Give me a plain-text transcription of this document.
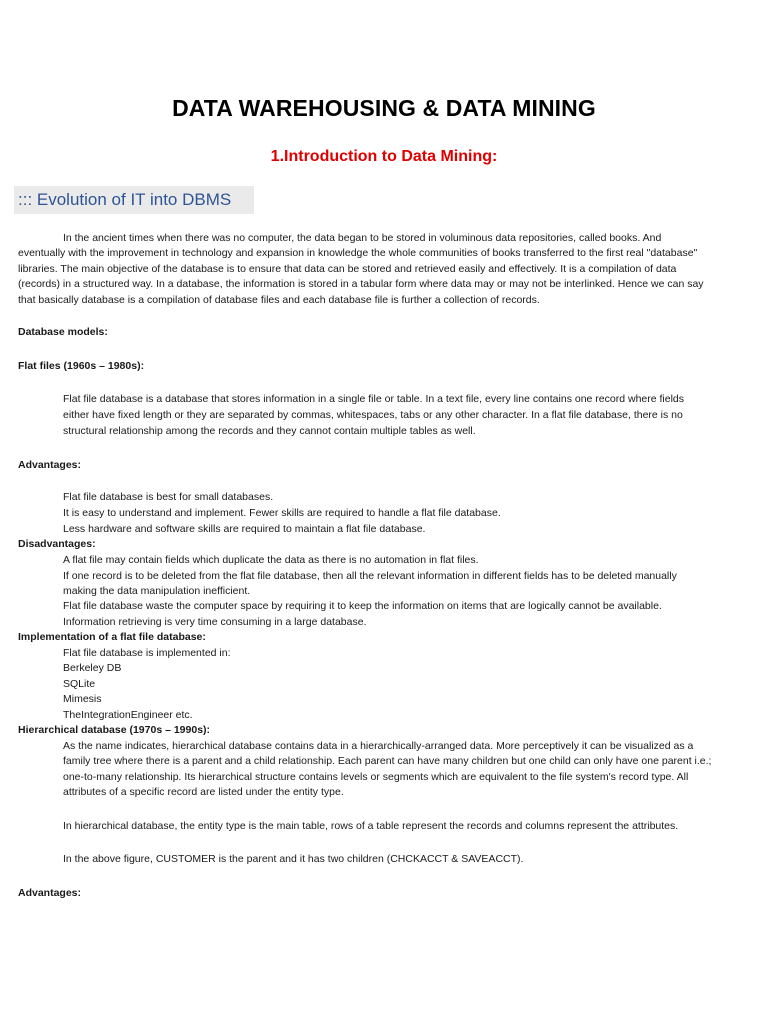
DATA WAREHOUSING & DATA MINING
1.Introduction to Data Mining:
::: Evolution of IT into DBMS
In the ancient times when there was no computer, the data began to be stored in voluminous data repositories, called books. And
eventually with the improvement in technology and expansion in knowledge the whole communities of books transferred to the first real "database"
libraries. The main objective of the database is to ensure that data can be stored and retrieved easily and effectively. It is a compilation of data
(records) in a structured way. In a database, the information is stored in a tabular form where data may or may not be interlinked. Hence we can say
that basically database is a compilation of database files and each database file is further a collection of records.
Database models:
Flat files (1960s – 1980s):
Flat file database is a database that stores information in a single file or table. In a text file, every line contains one record where fields
either have fixed length or they are separated by commas, whitespaces, tabs or any other character. In a flat file database, there is no
structural relationship among the records and they cannot contain multiple tables as well.
Advantages:
Flat file database is best for small databases.
It is easy to understand and implement. Fewer skills are required to handle a flat file database.
Less hardware and software skills are required to maintain a flat file database.
Disadvantages:
A flat file may contain fields which duplicate the data as there is no automation in flat files.
If one record is to be deleted from the flat file database, then all the relevant information in different fields has to be deleted manually
making the data manipulation inefficient.
Flat file database waste the computer space by requiring it to keep the information on items that are logically cannot be available.
Information retrieving is very time consuming in a large database.
Implementation of a flat file database:
Flat file database is implemented in:
Berkeley DB
SQLite
Mimesis
TheIntegrationEngineer etc.
Hierarchical database (1970s – 1990s):
As the name indicates, hierarchical database contains data in a hierarchically-arranged data. More perceptively it can be visualized as a
family tree where there is a parent and a child relationship. Each parent can have many children but one child can only have one parent i.e.;
one-to-many relationship. Its hierarchical structure contains levels or segments which are equivalent to the file system's record type. All
attributes of a specific record are listed under the entity type.
In hierarchical database, the entity type is the main table, rows of a table represent the records and columns represent the attributes.
In the above figure, CUSTOMER is the parent and it has two children (CHCKACCT & SAVEACCT).
Advantages:
